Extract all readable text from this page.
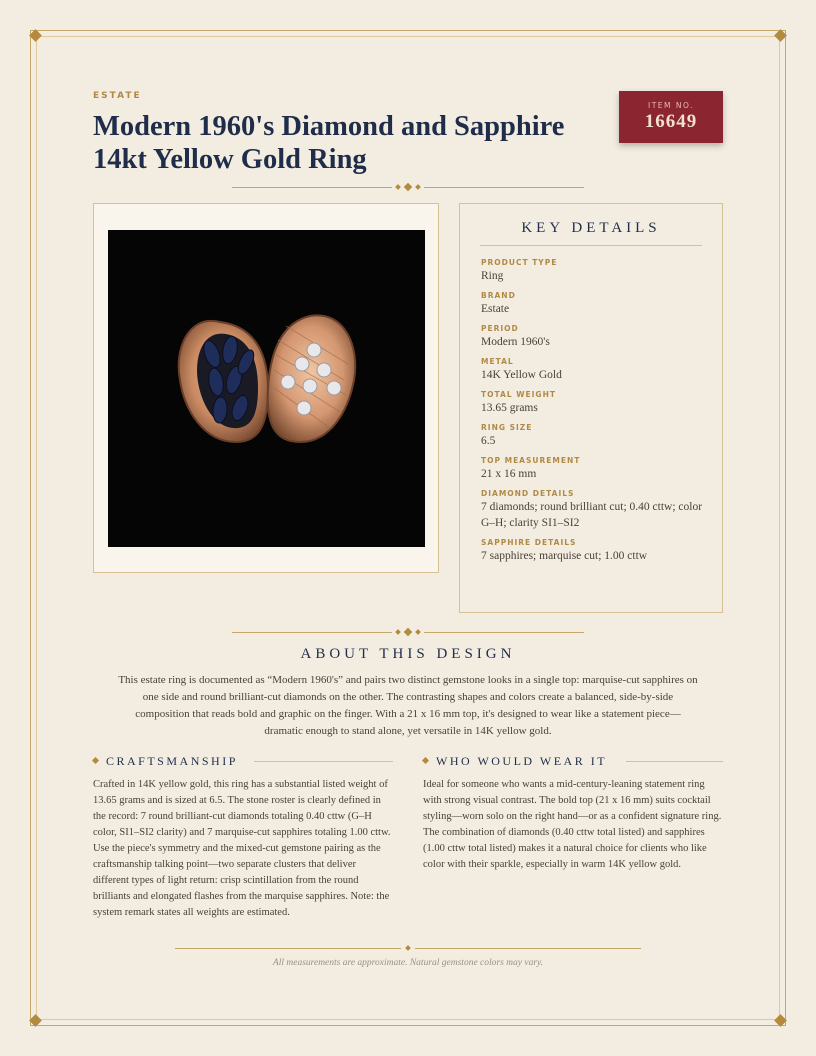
ESTATE
Modern 1960's Diamond and Sapphire 14kt Yellow Gold Ring
ITEM NO.
16649
KEY DETAILS
PRODUCT TYPE
Ring
BRAND
Estate
PERIOD
Modern 1960's
METAL
14K Yellow Gold
TOTAL WEIGHT
13.65 grams
RING SIZE
6.5
TOP MEASUREMENT
21 x 16 mm
DIAMOND DETAILS
7 diamonds; round brilliant cut; 0.40 cttw; color G–H; clarity SI1–SI2
SAPPHIRE DETAILS
7 sapphires; marquise cut; 1.00 cttw
ABOUT THIS DESIGN

This estate ring is documented as “Modern 1960's” and pairs two distinct gemstone looks in a single top: marquise-cut sapphires on one side and round brilliant-cut diamonds on the other. The contrasting shapes and colors create a balanced, side-by-side composition that reads bold and graphic on the finger. With a 21 x 16 mm top, it's designed to wear like a statement piece—dramatic enough to stand alone, yet versatile in 14K yellow gold.

CRAFTSMANSHIP

Crafted in 14K yellow gold, this ring has a substantial listed weight of 13.65 grams and is sized at 6.5. The stone roster is clearly defined in the record: 7 round brilliant-cut diamonds totaling 0.40 cttw (G–H color, SI1–SI2 clarity) and 7 marquise-cut sapphires totaling 1.00 cttw. Use the piece's symmetry and the mixed-cut gemstone pairing as the craftsmanship talking point—two separate clusters that deliver different types of light return: crisp scintillation from the round brilliants and elongated flashes from the marquise sapphires. Note: the system remark states all weights are estimated.

WHO WOULD WEAR IT

Ideal for someone who wants a mid-century-leaning statement ring with strong visual contrast. The bold top (21 x 16 mm) suits cocktail styling—worn solo on the right hand—or as a confident signature ring. The combination of diamonds (0.40 cttw total listed) and sapphires (1.00 cttw total listed) makes it a natural choice for clients who like color with their sparkle, especially in warm 14K yellow gold.

All measurements are approximate. Natural gemstone colors may vary.
